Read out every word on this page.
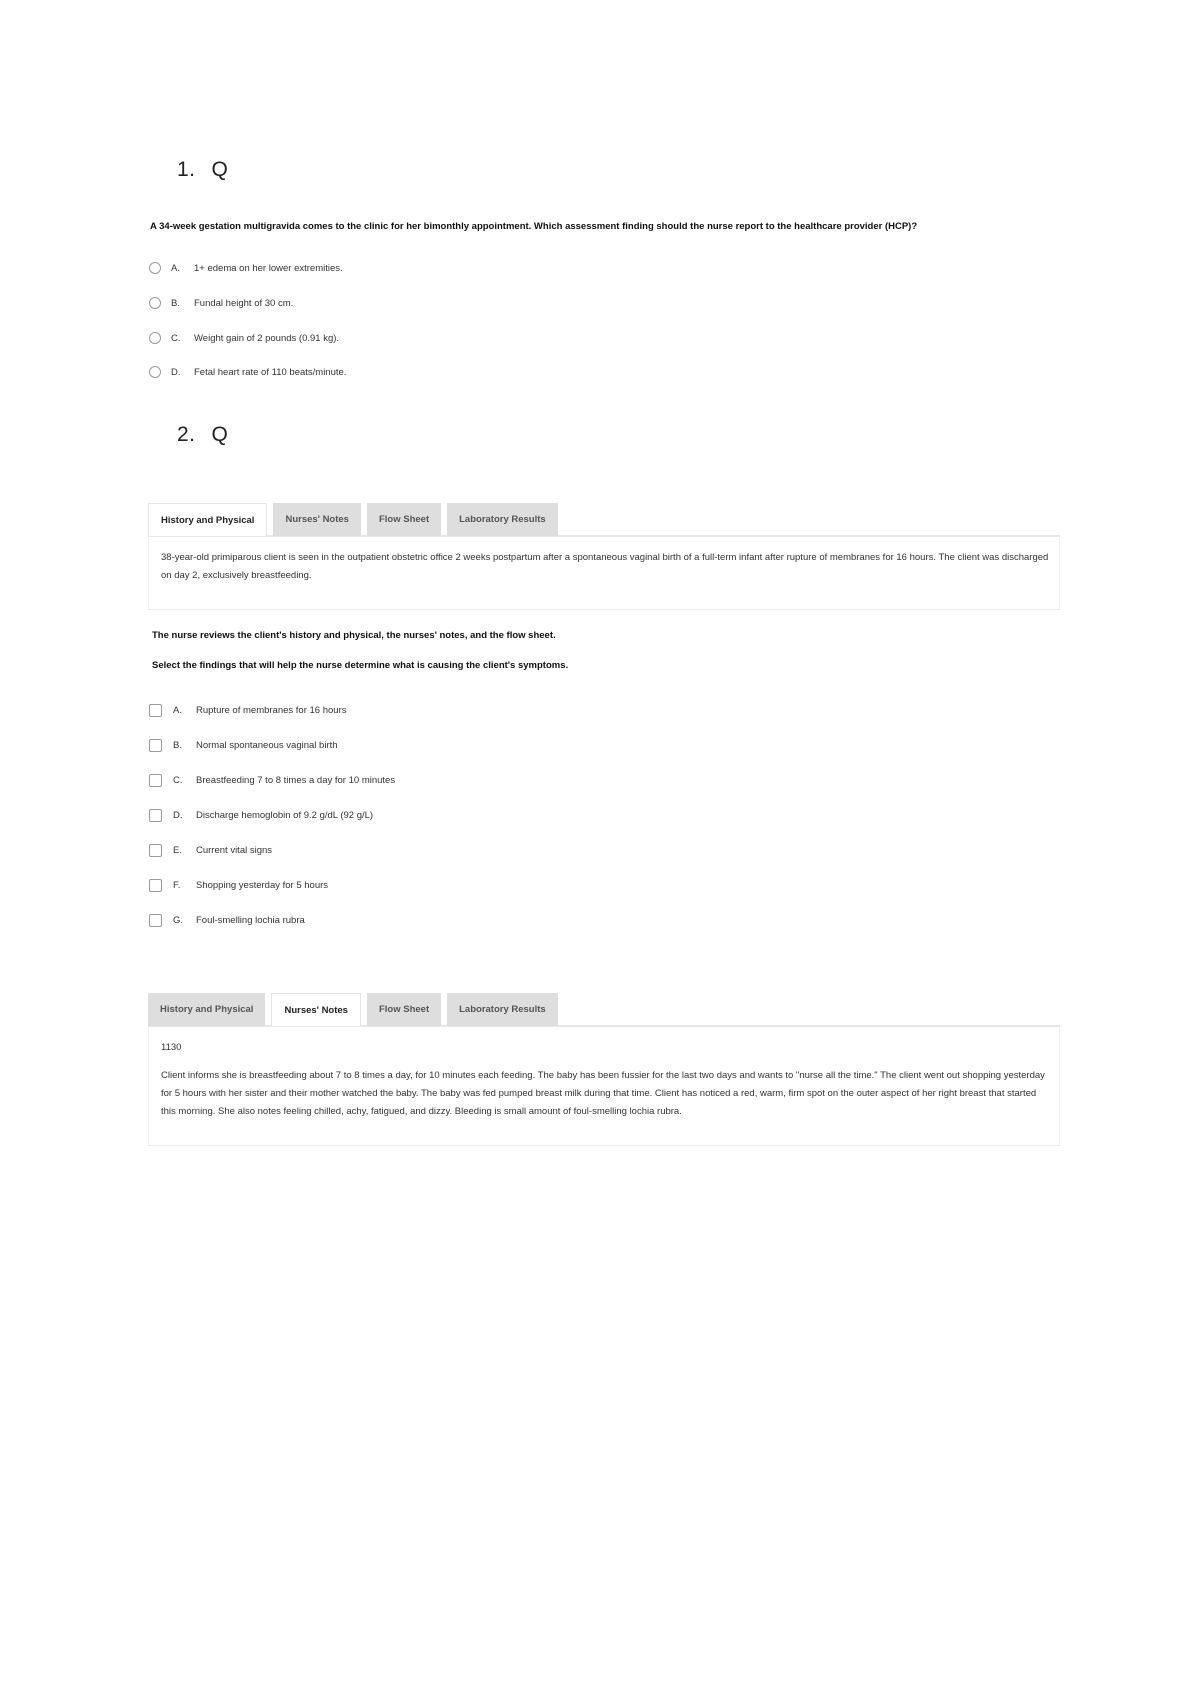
1. Q
A 34-week gestation multigravida comes to the clinic for her bimonthly appointment. Which assessment finding should the nurse report to the healthcare provider (HCP)?
A.	1+ edema on her lower extremities.
B.	Fundal height of 30 cm.
C.	Weight gain of 2 pounds (0.91 kg).
D.	Fetal heart rate of 110 beats/minute.
2. Q
History and Physical	Nurses' Notes	Flow Sheet	Laboratory Results

38-year-old primiparous client is seen in the outpatient obstetric office 2 weeks postpartum after a spontaneous vaginal birth of a full-term infant after rupture of membranes for 16 hours. The client was discharged on day 2, exclusively breastfeeding.

The nurse reviews the client's history and physical, the nurses' notes, and the flow sheet.
Select the findings that will help the nurse determine what is causing the client's symptoms.
A.	Rupture of membranes for 16 hours
B.	Normal spontaneous vaginal birth
C.	Breastfeeding 7 to 8 times a day for 10 minutes
D.	Discharge hemoglobin of 9.2 g/dL (92 g/L)
E.	Current vital signs
F.	Shopping yesterday for 5 hours
G.	Foul-smelling lochia rubra
History and Physical	Nurses' Notes	Flow Sheet	Laboratory Results

1130

Client informs she is breastfeeding about 7 to 8 times a day, for 10 minutes each feeding. The baby has been fussier for the last two days and wants to "nurse all the time." The client went out shopping yesterday for 5 hours with her sister and their mother watched the baby. The baby was fed pumped breast milk during that time. Client has noticed a red, warm, firm spot on the outer aspect of her right breast that started this morning. She also notes feeling chilled, achy, fatigued, and dizzy. Bleeding is small amount of foul-smelling lochia rubra.
